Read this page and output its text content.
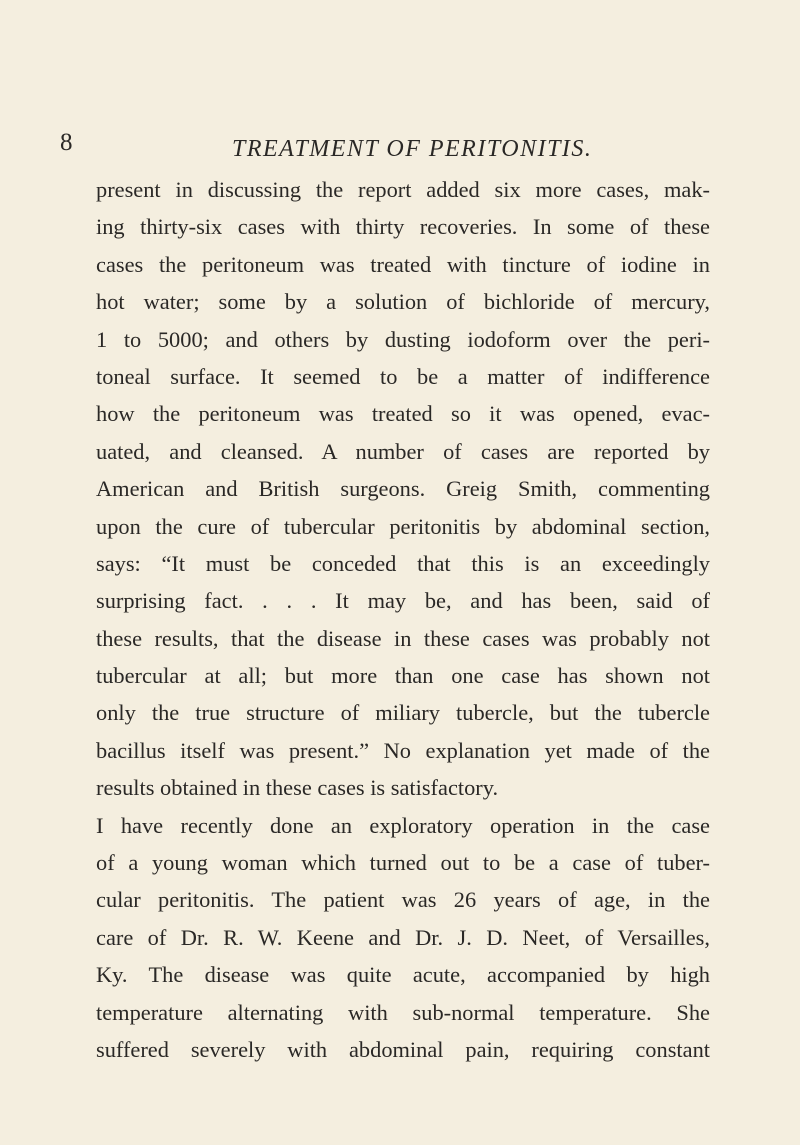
8	TREATMENT OF PERITONITIS.
present in discussing the report added six more cases, mak-
ing thirty-six cases with thirty recoveries. In some of these
cases the peritoneum was treated with tincture of iodine in
hot water; some by a solution of bichloride of mercury,
1 to 5000; and others by dusting iodoform over the peri-
toneal surface. It seemed to be a matter of indifference
how the peritoneum was treated so it was opened, evac-
uated, and cleansed. A number of cases are reported by
American and British surgeons. Greig Smith, commenting
upon the cure of tubercular peritonitis by abdominal section,
says: “It must be conceded that this is an exceedingly
surprising fact. . . . It may be, and has been, said of
these results, that the disease in these cases was probably not
tubercular at all; but more than one case has shown not
only the true structure of miliary tubercle, but the tubercle
bacillus itself was present.” No explanation yet made of the
results obtained in these cases is satisfactory.
I have recently done an exploratory operation in the case
of a young woman which turned out to be a case of tuber-
cular peritonitis. The patient was 26 years of age, in the
care of Dr. R. W. Keene and Dr. J. D. Neet, of Versailles,
Ky. The disease was quite acute, accompanied by high
temperature alternating with sub-normal temperature. She
suffered severely with abdominal pain, requiring constant
